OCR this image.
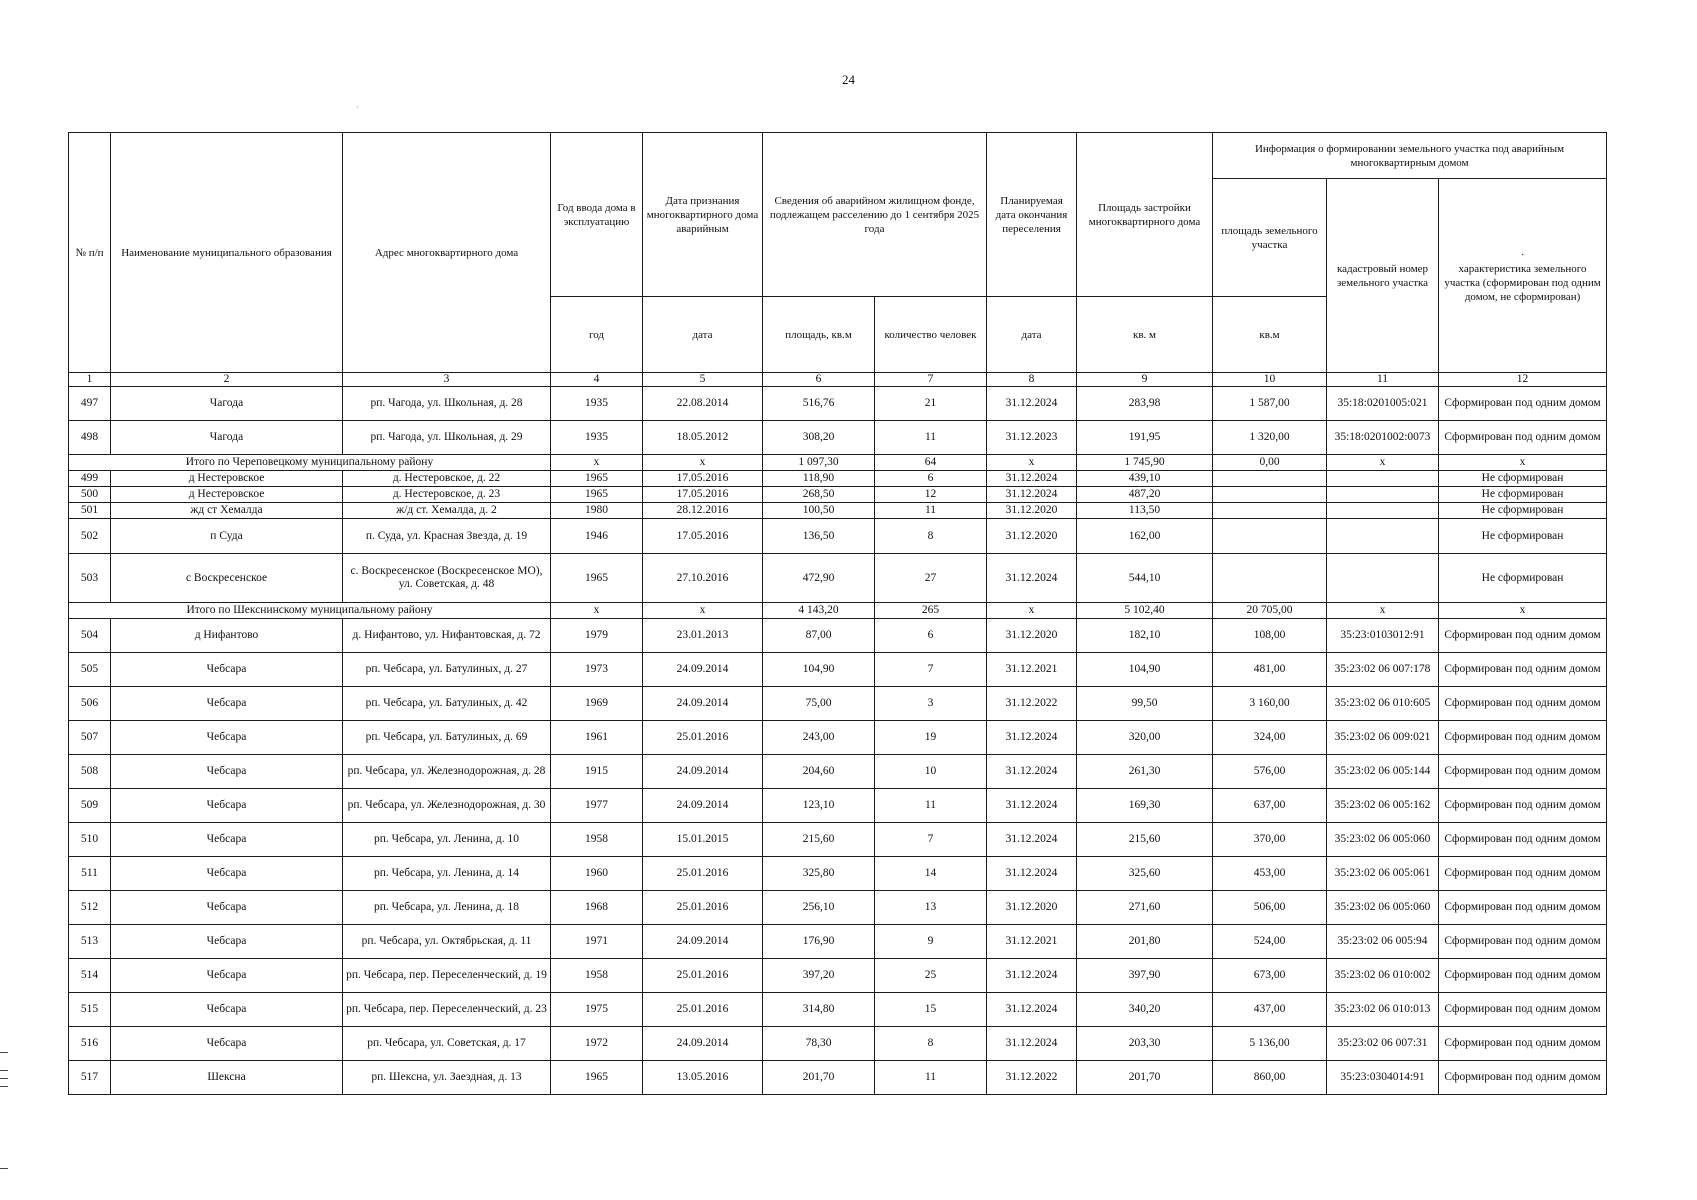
24
·
№ п/п	Наименование муниципального образования	Адрес многоквартирного дома	Год ввода дома в эксплуатацию	Дата признания многоквартирного дома аварийным	Сведения об аварийном жилищном фонде, подлежащем расселению до 1 сентября 2025 года		Планируемая дата окончания переселения	Площадь застройки многоквартирного дома	Информация о формировании земельного участка под аварийным многоквартирным домом		
									площадь земельного участка	кадастровый номер земельного участка	·
характеристика земельного участка (сформирован под одним домом, не сформирован)

			год	дата	площадь, кв.м	количество человек	дата	кв. м	кв.м		
1	2	3	4	5	6	7	8	9	10	11	12
497	Чагода	рп. Чагода, ул. Школьная, д. 28	1935	22.08.2014	516,76	21	31.12.2024	283,98	1 587,00	35:18:0201005:021	Сформирован под одним домом
498	Чагода	рп. Чагода, ул. Школьная, д. 29	1935	18.05.2012	308,20	11	31.12.2023	191,95	1 320,00	35:18:0201002:0073	Сформирован под одним домом
Итого по Череповецкому муниципальному району			x	x	1 097,30	64	x	1 745,90	0,00	x	x
499	д Нестеровское	д. Нестеровское, д. 22	1965	17.05.2016	118,90	6	31.12.2024	439,10			Не сформирован
500	д Нестеровское	д. Нестеровское, д. 23	1965	17.05.2016	268,50	12	31.12.2024	487,20			Не сформирован
501	жд ст Хемалда	ж/д ст. Хемалда, д. 2	1980	28.12.2016	100,50	11	31.12.2020	113,50			Не сформирован
502	п Суда	п. Суда, ул. Красная Звезда, д. 19	1946	17.05.2016	136,50	8	31.12.2020	162,00			Не сформирован
503	с Воскресенское	с. Воскресенское (Воскресенское МО), ул. Советская, д. 48	1965	27.10.2016	472,90	27	31.12.2024	544,10			Не сформирован
Итого по Шекснинскому муниципальному району			x	x	4 143,20	265	x	5 102,40	20 705,00	x	x
504	д Нифантово	д. Нифантово, ул. Нифантовская, д. 72	1979	23.01.2013	87,00	6	31.12.2020	182,10	108,00	35:23:0103012:91	Сформирован под одним домом
505	Чебсара	рп. Чебсара, ул. Батулиных, д. 27	1973	24.09.2014	104,90	7	31.12.2021	104,90	481,00	35:23:02 06 007:178	Сформирован под одним домом
506	Чебсара	рп. Чебсара, ул. Батулиных, д. 42	1969	24.09.2014	75,00	3	31.12.2022	99,50	3 160,00	35:23:02 06 010:605	Сформирован под одним домом
507	Чебсара	рп. Чебсара, ул. Батулиных, д. 69	1961	25.01.2016	243,00	19	31.12.2024	320,00	324,00	35:23:02 06 009:021	Сформирован под одним домом
508	Чебсара	рп. Чебсара, ул. Железнодорожная, д. 28	1915	24.09.2014	204,60	10	31.12.2024	261,30	576,00	35:23:02 06 005:144	Сформирован под одним домом
509	Чебсара	рп. Чебсара, ул. Железнодорожная, д. 30	1977	24.09.2014	123,10	11	31.12.2024	169,30	637,00	35:23:02 06 005:162	Сформирован под одним домом
510	Чебсара	рп. Чебсара, ул. Ленина, д. 10	1958	15.01.2015	215,60	7	31.12.2024	215,60	370,00	35:23:02 06 005:060	Сформирован под одним домом
511	Чебсара	рп. Чебсара, ул. Ленина, д. 14	1960	25.01.2016	325,80	14	31.12.2024	325,60	453,00	35:23:02 06 005:061	Сформирован под одним домом
512	Чебсара	рп. Чебсара, ул. Ленина, д. 18	1968	25.01.2016	256,10	13	31.12.2020	271,60	506,00	35:23:02 06 005:060	Сформирован под одним домом
513	Чебсара	рп. Чебсара, ул. Октябрьская, д. 11	1971	24.09.2014	176,90	9	31.12.2021	201,80	524,00	35:23:02 06 005:94	Сформирован под одним домом
514	Чебсара	рп. Чебсара, пер. Переселенческий, д. 19	1958	25.01.2016	397,20	25	31.12.2024	397,90	673,00	35:23:02 06 010:002	Сформирован под одним домом
515	Чебсара	рп. Чебсара, пер. Переселенческий, д. 23	1975	25.01.2016	314,80	15	31.12.2024	340,20	437,00	35:23:02 06 010:013	Сформирован под одним домом
516	Чебсара	рп. Чебсара, ул. Советская, д. 17	1972	24.09.2014	78,30	8	31.12.2024	203,30	5 136,00	35:23:02 06 007:31	Сформирован под одним домом
517	Шексна	рп. Шексна, ул. Заездная, д. 13	1965	13.05.2016	201,70	11	31.12.2022	201,70	860,00	35:23:0304014:91	Сформирован под одним домом
